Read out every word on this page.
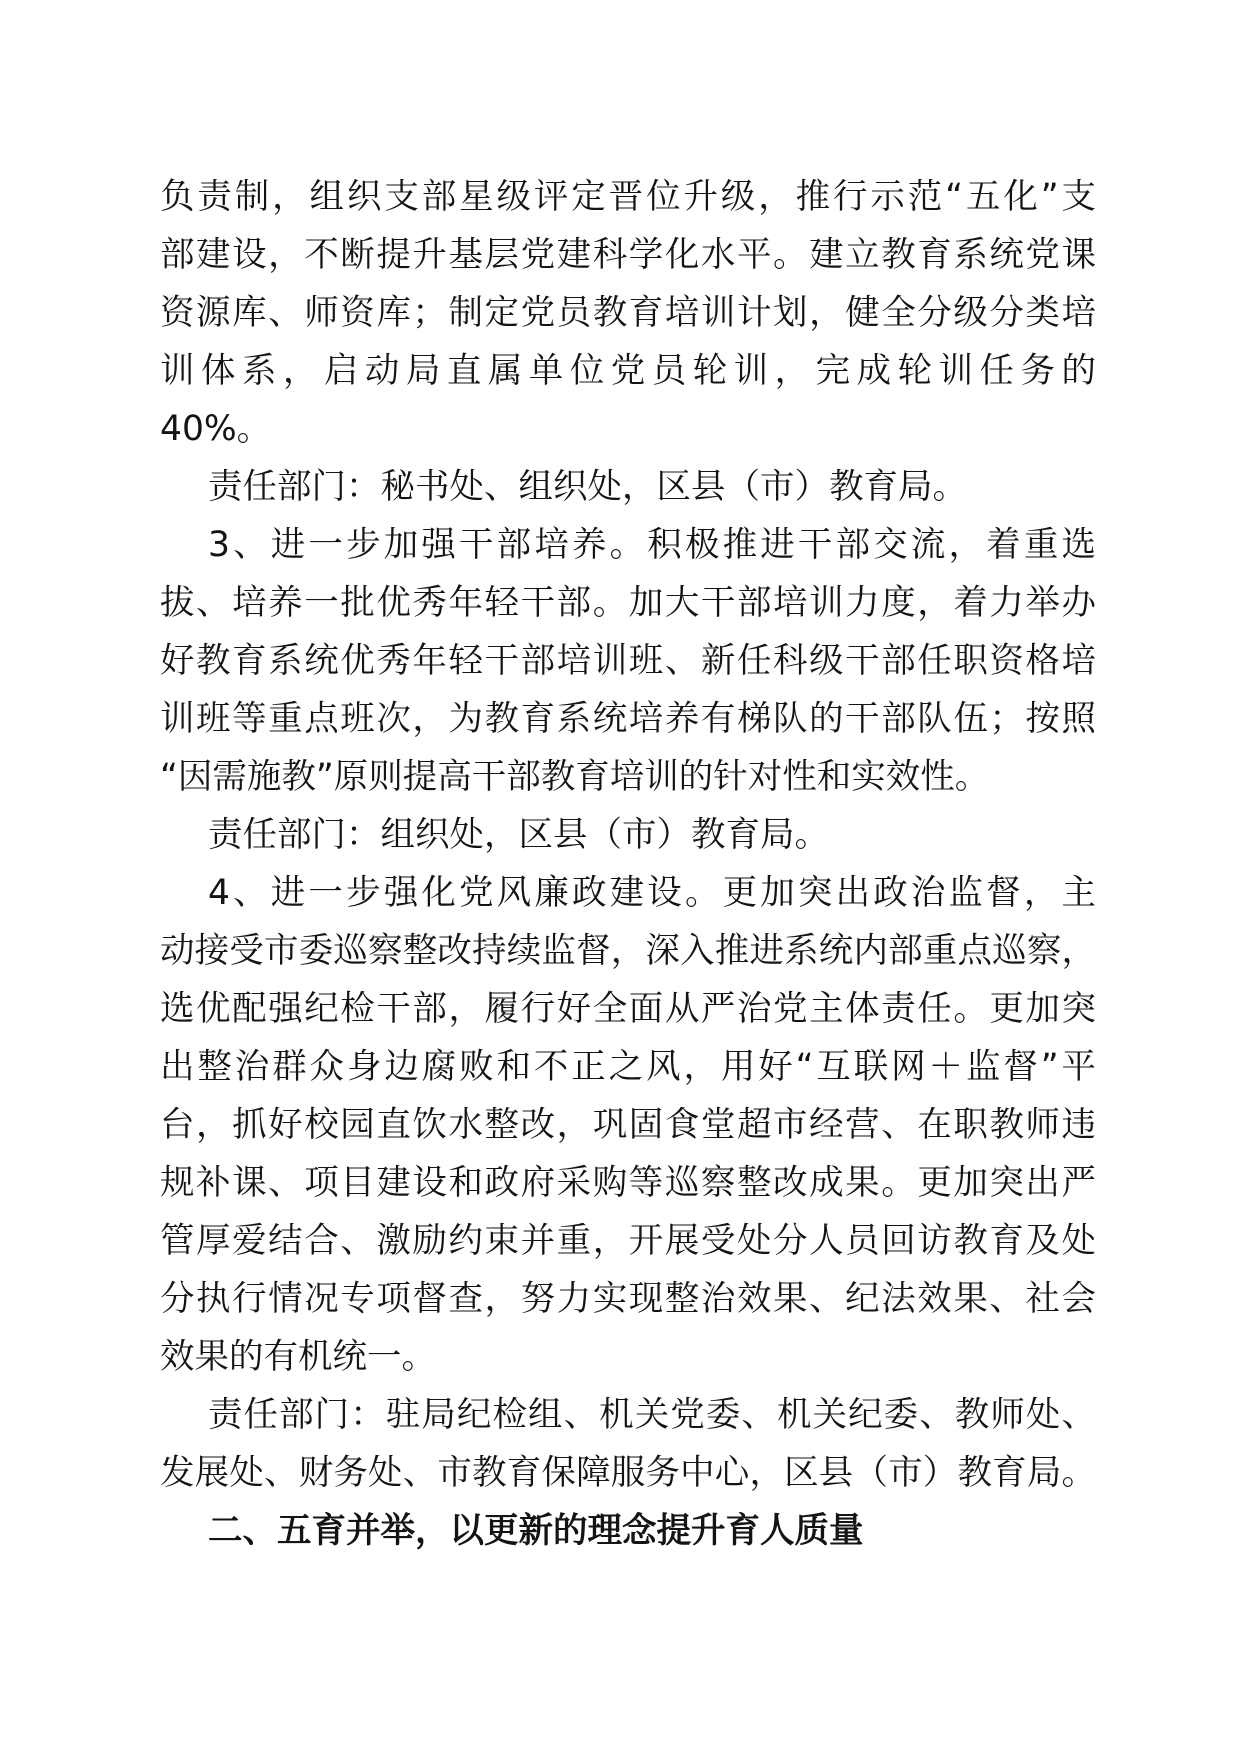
负责制，组织支部星级评定晋位升级，推行示范“五化”支
部建设，不断提升基层党建科学化水平。建立教育系统党课
资源库、师资库；制定党员教育培训计划，健全分级分类培
训体系，启动局直属单位党员轮训，完成轮训任务的
40%。
责任部门：秘书处、组织处，区县（市）教育局。
3、进一步加强干部培养。积极推进干部交流，着重选
拔、培养一批优秀年轻干部。加大干部培训力度，着力举办
好教育系统优秀年轻干部培训班、新任科级干部任职资格培
训班等重点班次，为教育系统培养有梯队的干部队伍；按照
“因需施教”原则提高干部教育培训的针对性和实效性。
责任部门：组织处，区县（市）教育局。
4、进一步强化党风廉政建设。更加突出政治监督，主
动接受市委巡察整改持续监督，深入推进系统内部重点巡察，
选优配强纪检干部，履行好全面从严治党主体责任。更加突
出整治群众身边腐败和不正之风，用好“互联网＋监督”平
台，抓好校园直饮水整改，巩固食堂超市经营、在职教师违
规补课、项目建设和政府采购等巡察整改成果。更加突出严
管厚爱结合、激励约束并重，开展受处分人员回访教育及处
分执行情况专项督查，努力实现整治效果、纪法效果、社会
效果的有机统一。
责任部门：驻局纪检组、机关党委、机关纪委、教师处、
发展处、财务处、市教育保障服务中心，区县（市）教育局。
二、五育并举，以更新的理念提升育人质量
